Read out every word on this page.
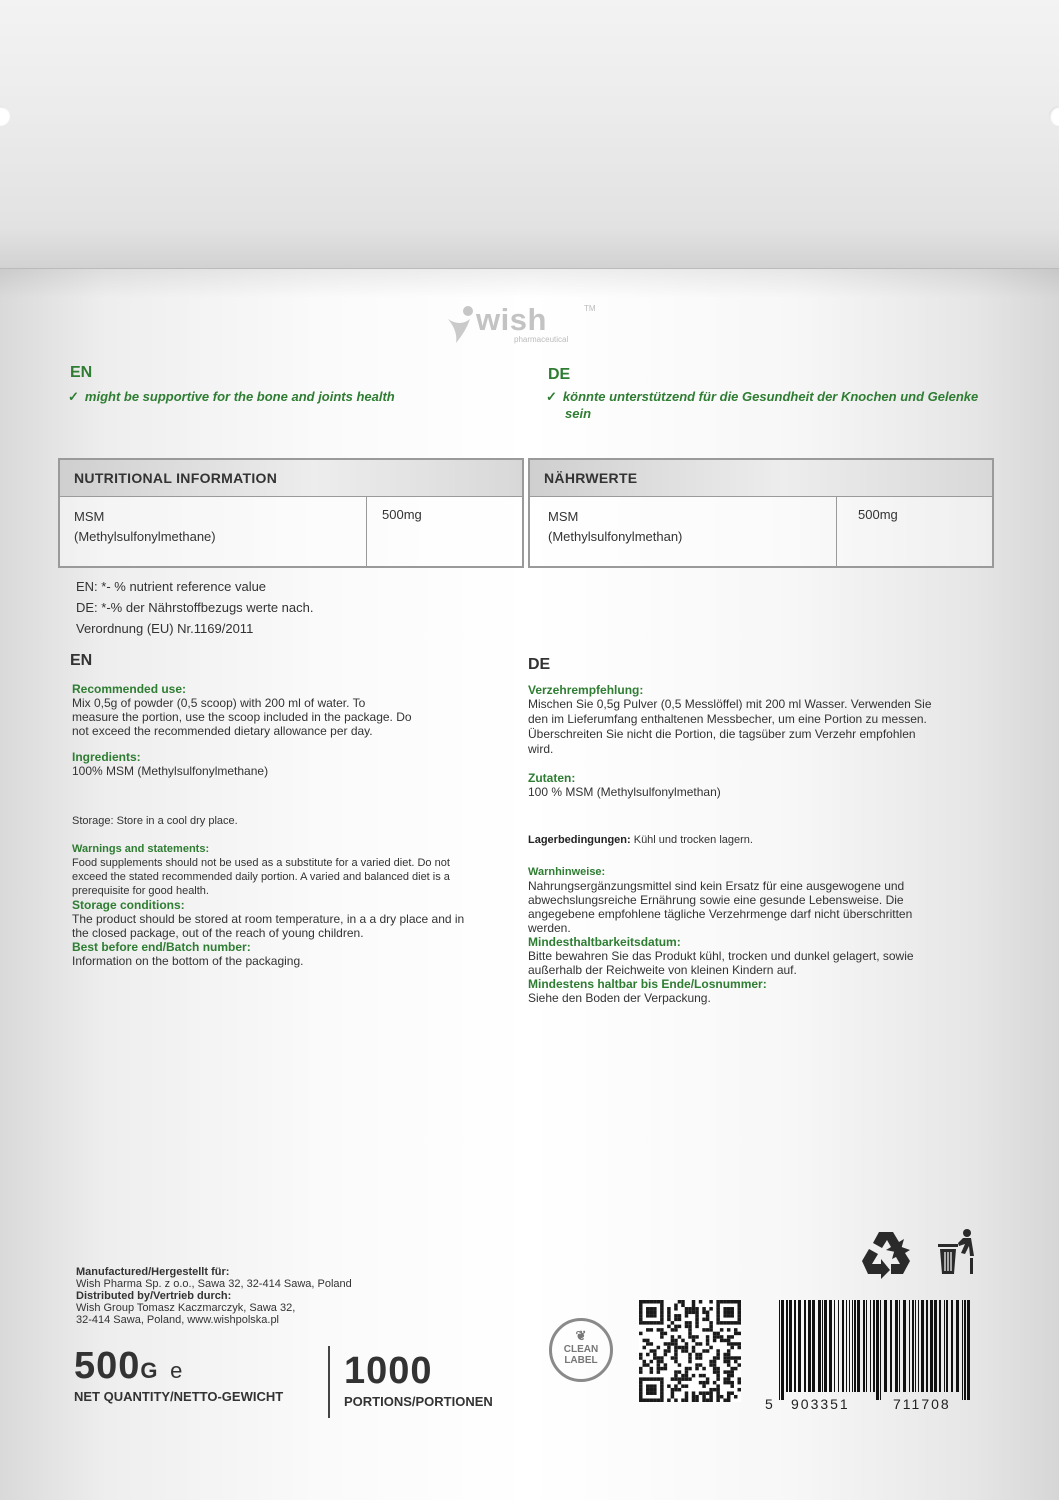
wish	TM
pharmaceutical
EN
✓ might be supportive for the bone and joints health
DE
✓ könnte unterstützend für die Gesundheit der Knochen und Gelenke
sein
NUTRITIONAL INFORMATION
MSM
(Methylsulfonylmethane)
500mg
NÄHRWERTE
MSM
(Methylsulfonylmethan)
500mg
EN: *- % nutrient reference value
DE: *-% der Nährstoffbezugs werte nach.
Verordnung (EU) Nr.1169/2011
EN
Recommended use:
Mix 0,5g of powder (0,5 scoop) with 200 ml of water. To
measure the portion, use the scoop included in the package. Do
not exceed the recommended dietary allowance per day.
Ingredients:
100% MSM (Methylsulfonylmethane)
Storage: Store in a cool dry place.
Warnings and statements:
Food supplements should not be used as a substitute for a varied diet. Do not
exceed the stated recommended daily portion. A varied and balanced diet is a
prerequisite for good health.
Storage conditions:
The product should be stored at room temperature, in a a dry place and in
the closed package, out of the reach of young children.
Best before end/Batch number:
Information on the bottom of the packaging.
DE
Verzehrempfehlung:
Mischen Sie 0,5g Pulver (0,5 Messlöffel) mit 200 ml Wasser. Verwenden Sie
den im Lieferumfang enthaltenen Messbecher, um eine Portion zu messen.
Überschreiten Sie nicht die Portion, die tagsüber zum Verzehr empfohlen
wird.
Zutaten:
100 % MSM (Methylsulfonylmethan)
Lagerbedingungen: Kühl und trocken lagern.
Warnhinweise:
Nahrungsergänzungsmittel sind kein Ersatz für eine ausgewogene und
abwechslungsreiche Ernährung sowie eine gesunde Lebensweise. Die
angegebene empfohlene tägliche Verzehrmenge darf nicht überschritten
werden.
Mindesthaltbarkeitsdatum:
Bitte bewahren Sie das Produkt kühl, trocken und dunkel gelagert, sowie
außerhalb der Reichweite von kleinen Kindern auf.
Mindestens haltbar bis Ende/Losnummer:
Siehe den Boden der Verpackung.
Manufactured/Hergestellt für:
Wish Pharma Sp. z o.o., Sawa 32, 32-414 Sawa, Poland
Distributed by/Vertrieb durch:
Wish Group Tomasz Kaczmarczyk, Sawa 32,
32-414 Sawa, Poland, www.wishpolska.pl
500G e
NET QUANTITY/NETTO-GEWICHT
1000
PORTIONS/PORTIONEN
❦
CLEAN
LABEL
5 903351	711708
